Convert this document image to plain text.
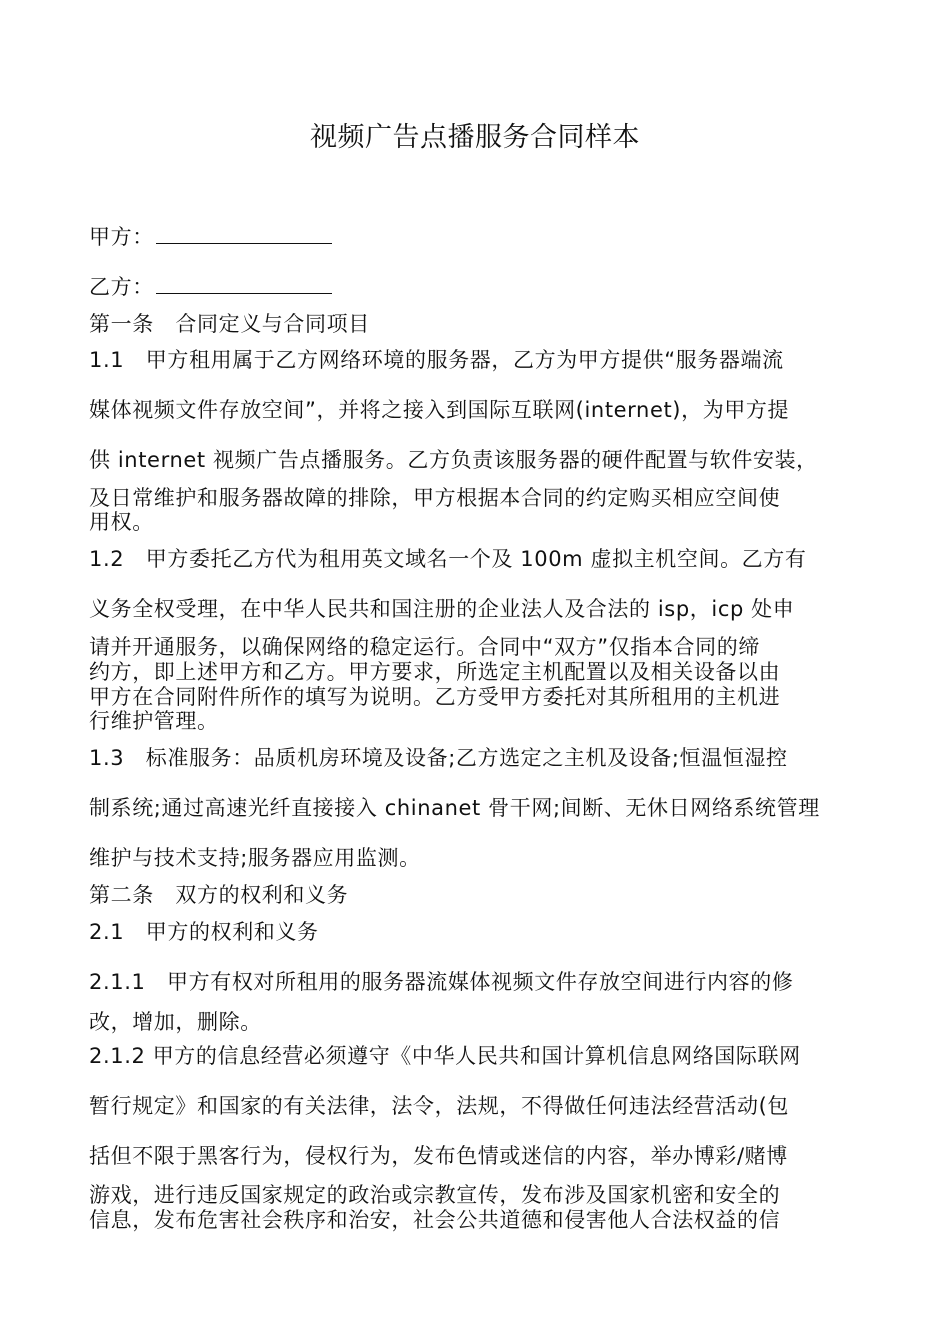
视频广告点播服务合同样本
甲方：
乙方：
第一条　合同定义与合同项目
1.1　甲方租用属于乙方网络环境的服务器，乙方为甲方提供“服务器端流
媒体视频文件存放空间”，并将之接入到国际互联网(internet)，为甲方提
供 internet 视频广告点播服务。乙方负责该服务器的硬件配置与软件安装，
及日常维护和服务器故障的排除，甲方根据本合同的约定购买相应空间使
用权。
1.2　甲方委托乙方代为租用英文域名一个及 100m 虚拟主机空间。乙方有
义务全权受理，在中华人民共和国注册的企业法人及合法的 isp，icp 处申
请并开通服务，以确保网络的稳定运行。合同中“双方”仅指本合同的缔
约方，即上述甲方和乙方。甲方要求，所选定主机配置以及相关设备以由
甲方在合同附件所作的填写为说明。乙方受甲方委托对其所租用的主机进
行维护管理。
1.3　标准服务：品质机房环境及设备;乙方选定之主机及设备;恒温恒湿控
制系统;通过高速光纤直接接入 chinanet 骨干网;间断、无休日网络系统管理
维护与技术支持;服务器应用监测。
第二条　双方的权利和义务
2.1　甲方的权利和义务
2.1.1　甲方有权对所租用的服务器流媒体视频文件存放空间进行内容的修
改，增加，删除。
2.1.2 甲方的信息经营必须遵守《中华人民共和国计算机信息网络国际联网
暂行规定》和国家的有关法律，法令，法规，不得做任何违法经营活动(包
括但不限于黑客行为，侵权行为，发布色情或迷信的内容，举办博彩/赌博
游戏，进行违反国家规定的政治或宗教宣传，发布涉及国家机密和安全的
信息，发布危害社会秩序和治安，社会公共道德和侵害他人合法权益的信
